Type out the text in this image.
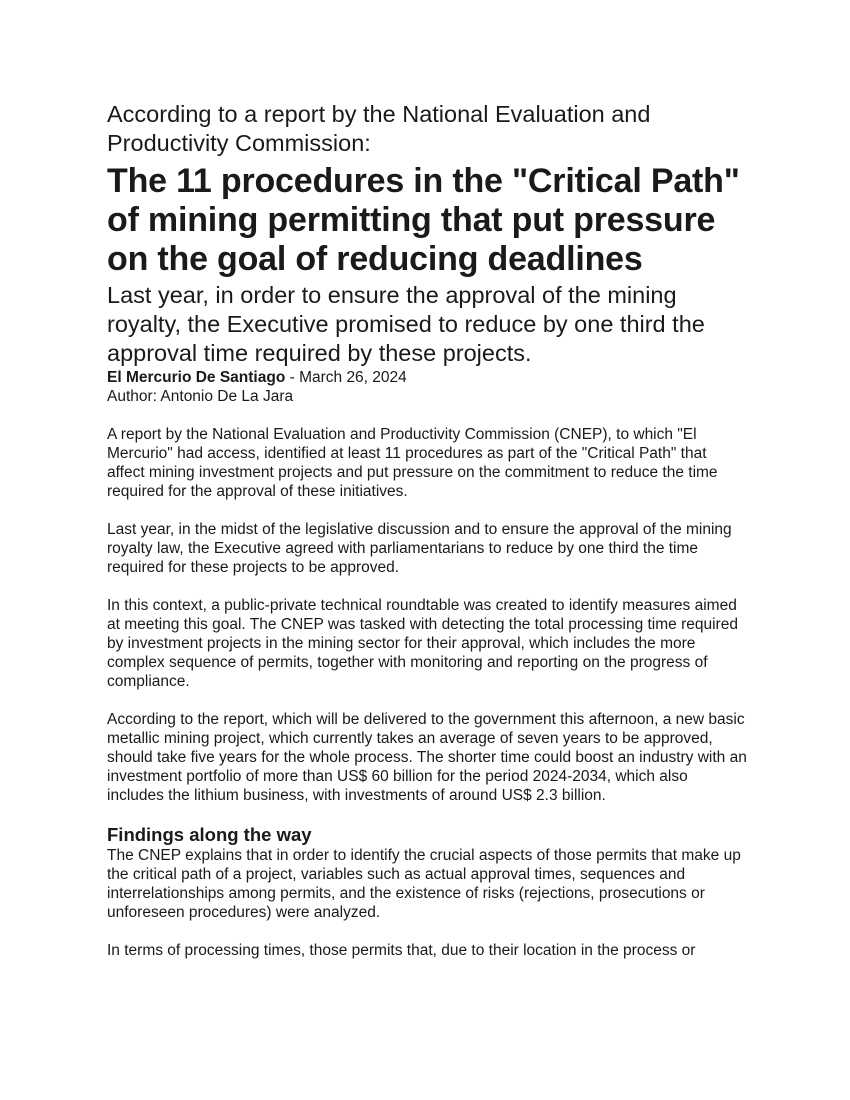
According to a report by the National Evaluation and Productivity Commission:

The 11 procedures in the "Critical Path" of mining permitting that put pressure on the goal of reducing deadlines

Last year, in order to ensure the approval of the mining royalty, the Executive promised to reduce by one third the approval time required by these projects.

El Mercurio De Santiago - March 26, 2024

Author: Antonio De La Jara

A report by the National Evaluation and Productivity Commission (CNEP), to which "El Mercurio" had access, identified at least 11 procedures as part of the "Critical Path" that affect mining investment projects and put pressure on the commitment to reduce the time required for the approval of these initiatives.

Last year, in the midst of the legislative discussion and to ensure the approval of the mining royalty law, the Executive agreed with parliamentarians to reduce by one third the time required for these projects to be approved.

In this context, a public-private technical roundtable was created to identify measures aimed at meeting this goal. The CNEP was tasked with detecting the total processing time required by investment projects in the mining sector for their approval, which includes the more complex sequence of permits, together with monitoring and reporting on the progress of compliance.

According to the report, which will be delivered to the government this afternoon, a new basic metallic mining project, which currently takes an average of seven years to be approved, should take five years for the whole process. The shorter time could boost an industry with an investment portfolio of more than US$ 60 billion for the period 2024-2034, which also includes the lithium business, with investments of around US$ 2.3 billion.

Findings along the way

The CNEP explains that in order to identify the crucial aspects of those permits that make up the critical path of a project, variables such as actual approval times, sequences and interrelationships among permits, and the existence of risks (rejections, prosecutions or unforeseen procedures) were analyzed.

In terms of processing times, those permits that, due to their location in the process or
